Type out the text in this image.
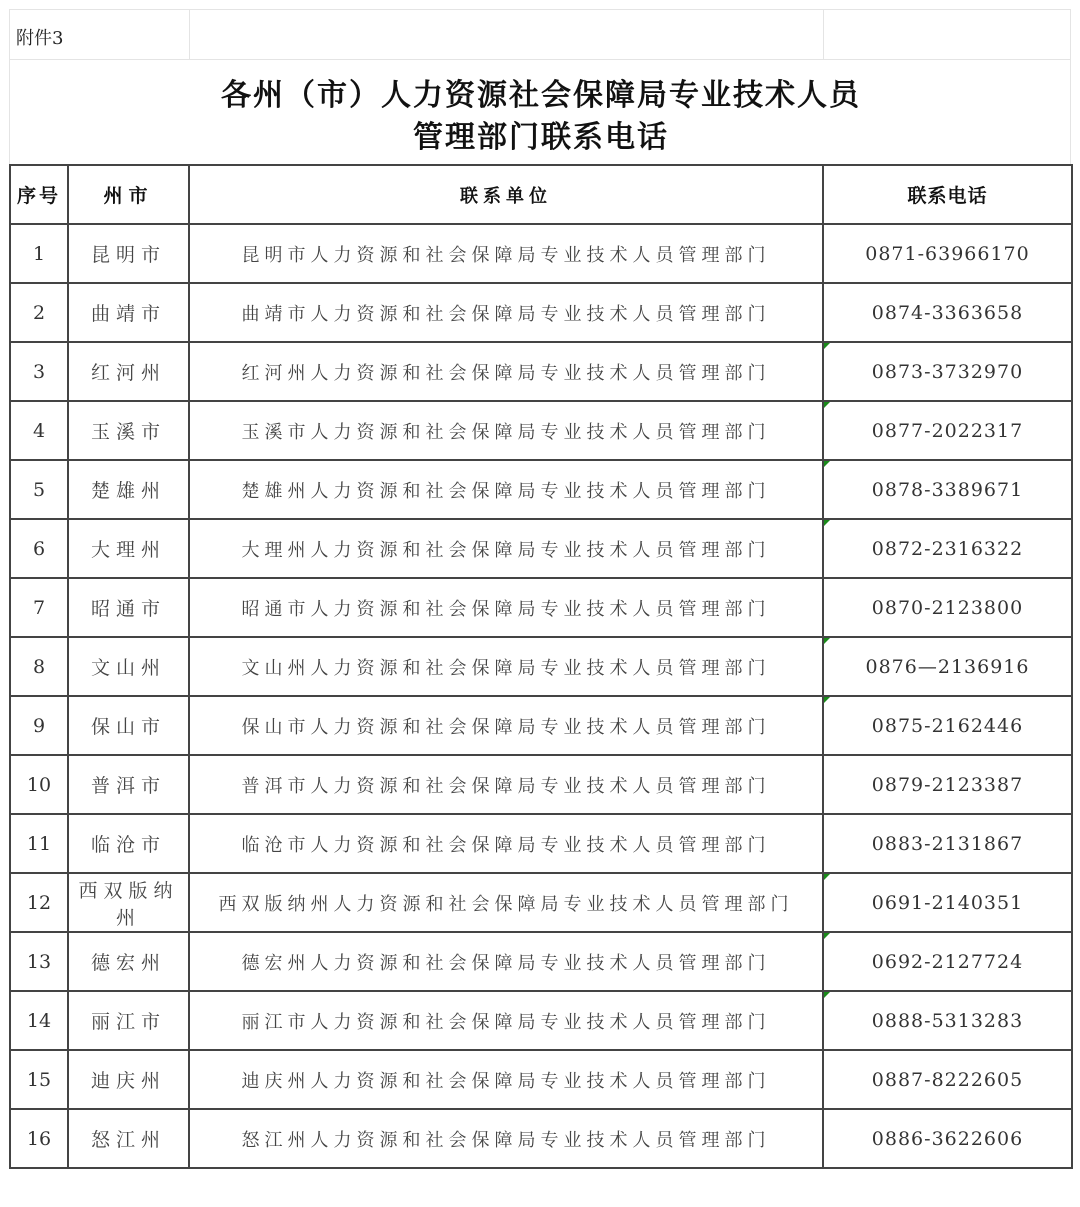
附件3
各州（市）人力资源社会保障局专业技术人员
管理部门联系电话
序号	州市	联系单位	联系电话
1	昆明市	昆明市人力资源和社会保障局专业技术人员管理部门	0871-63966170
2	曲靖市	曲靖市人力资源和社会保障局专业技术人员管理部门	0874-3363658
3	红河州	红河州人力资源和社会保障局专业技术人员管理部门	0873-3732970
4	玉溪市	玉溪市人力资源和社会保障局专业技术人员管理部门	0877-2022317
5	楚雄州	楚雄州人力资源和社会保障局专业技术人员管理部门	0878-3389671
6	大理州	大理州人力资源和社会保障局专业技术人员管理部门	0872-2316322
7	昭通市	昭通市人力资源和社会保障局专业技术人员管理部门	0870-2123800
8	文山州	文山州人力资源和社会保障局专业技术人员管理部门	0876—2136916
9	保山市	保山市人力资源和社会保障局专业技术人员管理部门	0875-2162446
10	普洱市	普洱市人力资源和社会保障局专业技术人员管理部门	0879-2123387
11	临沧市	临沧市人力资源和社会保障局专业技术人员管理部门	0883-2131867
12	西双版纳州	西双版纳州人力资源和社会保障局专业技术人员管理部门	0691-2140351
13	德宏州	德宏州人力资源和社会保障局专业技术人员管理部门	0692-2127724
14	丽江市	丽江市人力资源和社会保障局专业技术人员管理部门	0888-5313283
15	迪庆州	迪庆州人力资源和社会保障局专业技术人员管理部门	0887-8222605
16	怒江州	怒江州人力资源和社会保障局专业技术人员管理部门	0886-3622606
